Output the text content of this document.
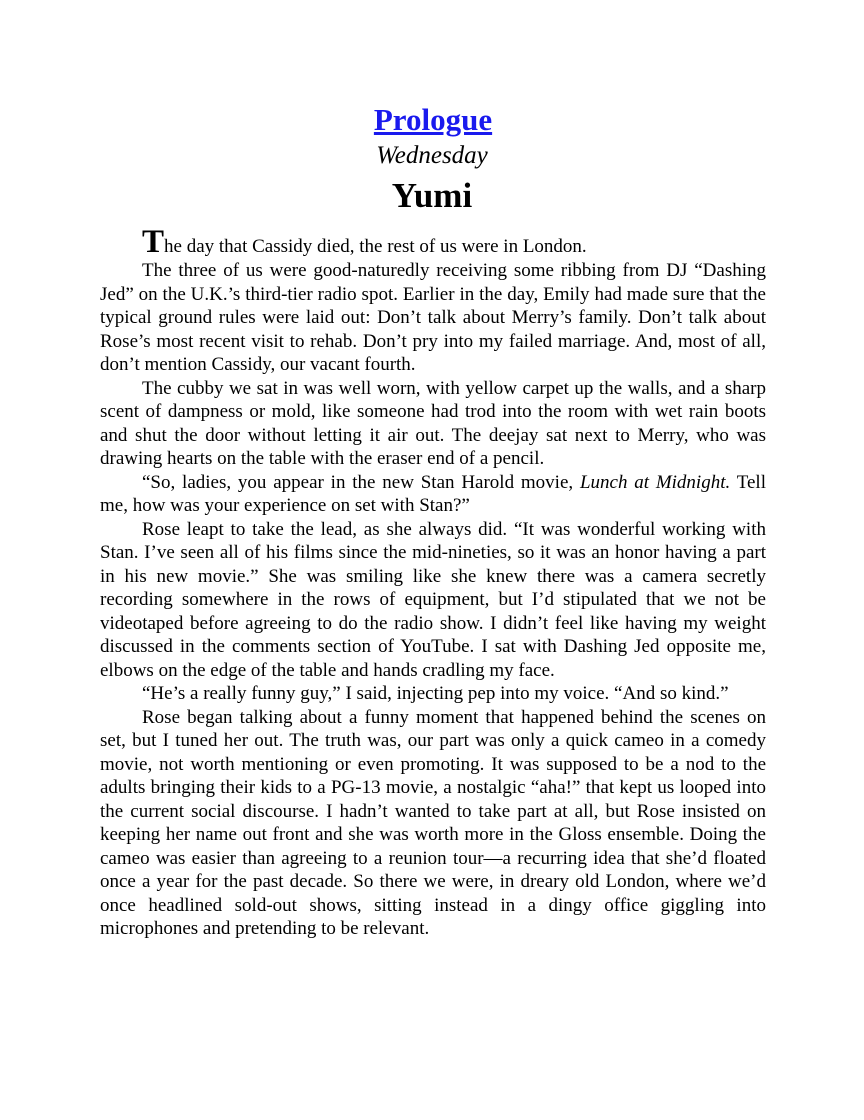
Prologue
Wednesday
Yumi

The day that Cassidy died, the rest of us were in London.

The three of us were good-naturedly receiving some ribbing from DJ “Dashing Jed” on the U.K.’s third-tier radio spot. Earlier in the day, Emily had made sure that the typical ground rules were laid out: Don’t talk about Merry’s family. Don’t talk about Rose’s most recent visit to rehab. Don’t pry into my failed marriage. And, most of all, don’t mention Cassidy, our vacant fourth.

The cubby we sat in was well worn, with yellow carpet up the walls, and a sharp scent of dampness or mold, like someone had trod into the room with wet rain boots and shut the door without letting it air out. The deejay sat next to Merry, who was drawing hearts on the table with the eraser end of a pencil.

“So, ladies, you appear in the new Stan Harold movie, Lunch at Midnight. Tell me, how was your experience on set with Stan?”

Rose leapt to take the lead, as she always did. “It was wonderful working with Stan. I’ve seen all of his films since the mid-nineties, so it was an honor having a part in his new movie.” She was smiling like she knew there was a camera secretly recording somewhere in the rows of equipment, but I’d stipulated that we not be videotaped before agreeing to do the radio show. I didn’t feel like having my weight discussed in the comments section of YouTube. I sat with Dashing Jed opposite me, elbows on the edge of the table and hands cradling my face.

“He’s a really funny guy,” I said, injecting pep into my voice. “And so kind.”

Rose began talking about a funny moment that happened behind the scenes on set, but I tuned her out. The truth was, our part was only a quick cameo in a comedy movie, not worth mentioning or even promoting. It was supposed to be a nod to the adults bringing their kids to a PG-13 movie, a nostalgic “aha!” that kept us looped into the current social discourse. I hadn’t wanted to take part at all, but Rose insisted on keeping her name out front and she was worth more in the Gloss ensemble. Doing the cameo was easier than agreeing to a reunion tour—a recurring idea that she’d floated once a year for the past decade. So there we were, in dreary old London, where we’d once headlined sold-out shows, sitting instead in a dingy office giggling into microphones and pretending to be relevant.
